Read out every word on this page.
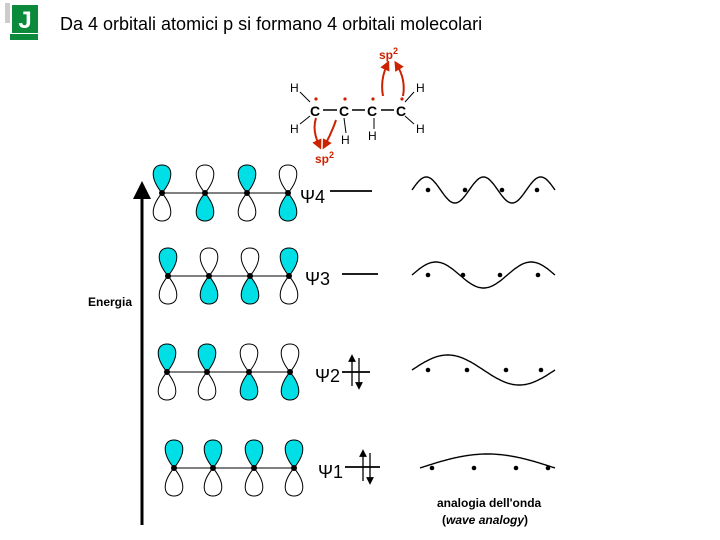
J Da 4 orbitali atomici p si formano 4 orbitali molecolari
C C C C
H
H
H H
H
H
$sp^2$
$sp^2$
Energia
Ψ4
Ψ3
Ψ2
Ψ1
analogia dell'onda
(wave analogy)
